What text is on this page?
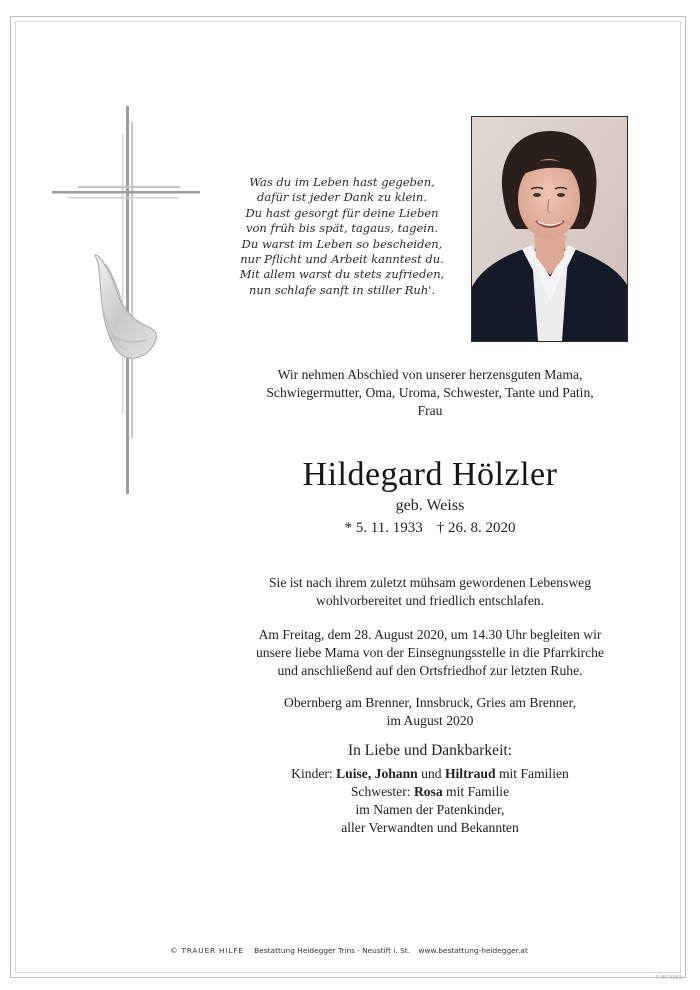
Was du im Leben hast gegeben,
dafür ist jeder Dank zu klein.
Du hast gesorgt für deine Lieben
von früh bis spät, tagaus, tagein.
Du warst im Leben so bescheiden,
nur Pflicht und Arbeit kanntest du.
Mit allem warst du stets zufrieden,
nun schlafe sanft in stiller Ruh'.
Wir nehmen Abschied von unserer herzensguten Mama,
Schwiegermutter, Oma, Uroma, Schwester, Tante und Patin,
Frau
Hildegard Hölzler
geb. Weiss
* 5. 11. 1933 † 26. 8. 2020
Sie ist nach ihrem zuletzt mühsam gewordenen Lebensweg
wohlvorbereitet und friedlich entschlafen.
Am Freitag, dem 28. August 2020, um 14.30 Uhr begleiten wir
unsere liebe Mama von der Einsegnungsstelle in die Pfarrkirche
und anschließend auf den Ortsfriedhof zur letzten Ruhe.
Obernberg am Brenner, Innsbruck, Gries am Brenner,
im August 2020
In Liebe und Dankbarkeit:
Kinder: Luise, Johann und Hiltraud mit Familien
Schwester: Rosa mit Familie
im Namen der Patenkinder,
aller Verwandten und Bekannten
© TRAUER HILFE Bestattung Heidegger Trins · Neustift i. St. www.bestattung-heidegger.at
© EP 9063
